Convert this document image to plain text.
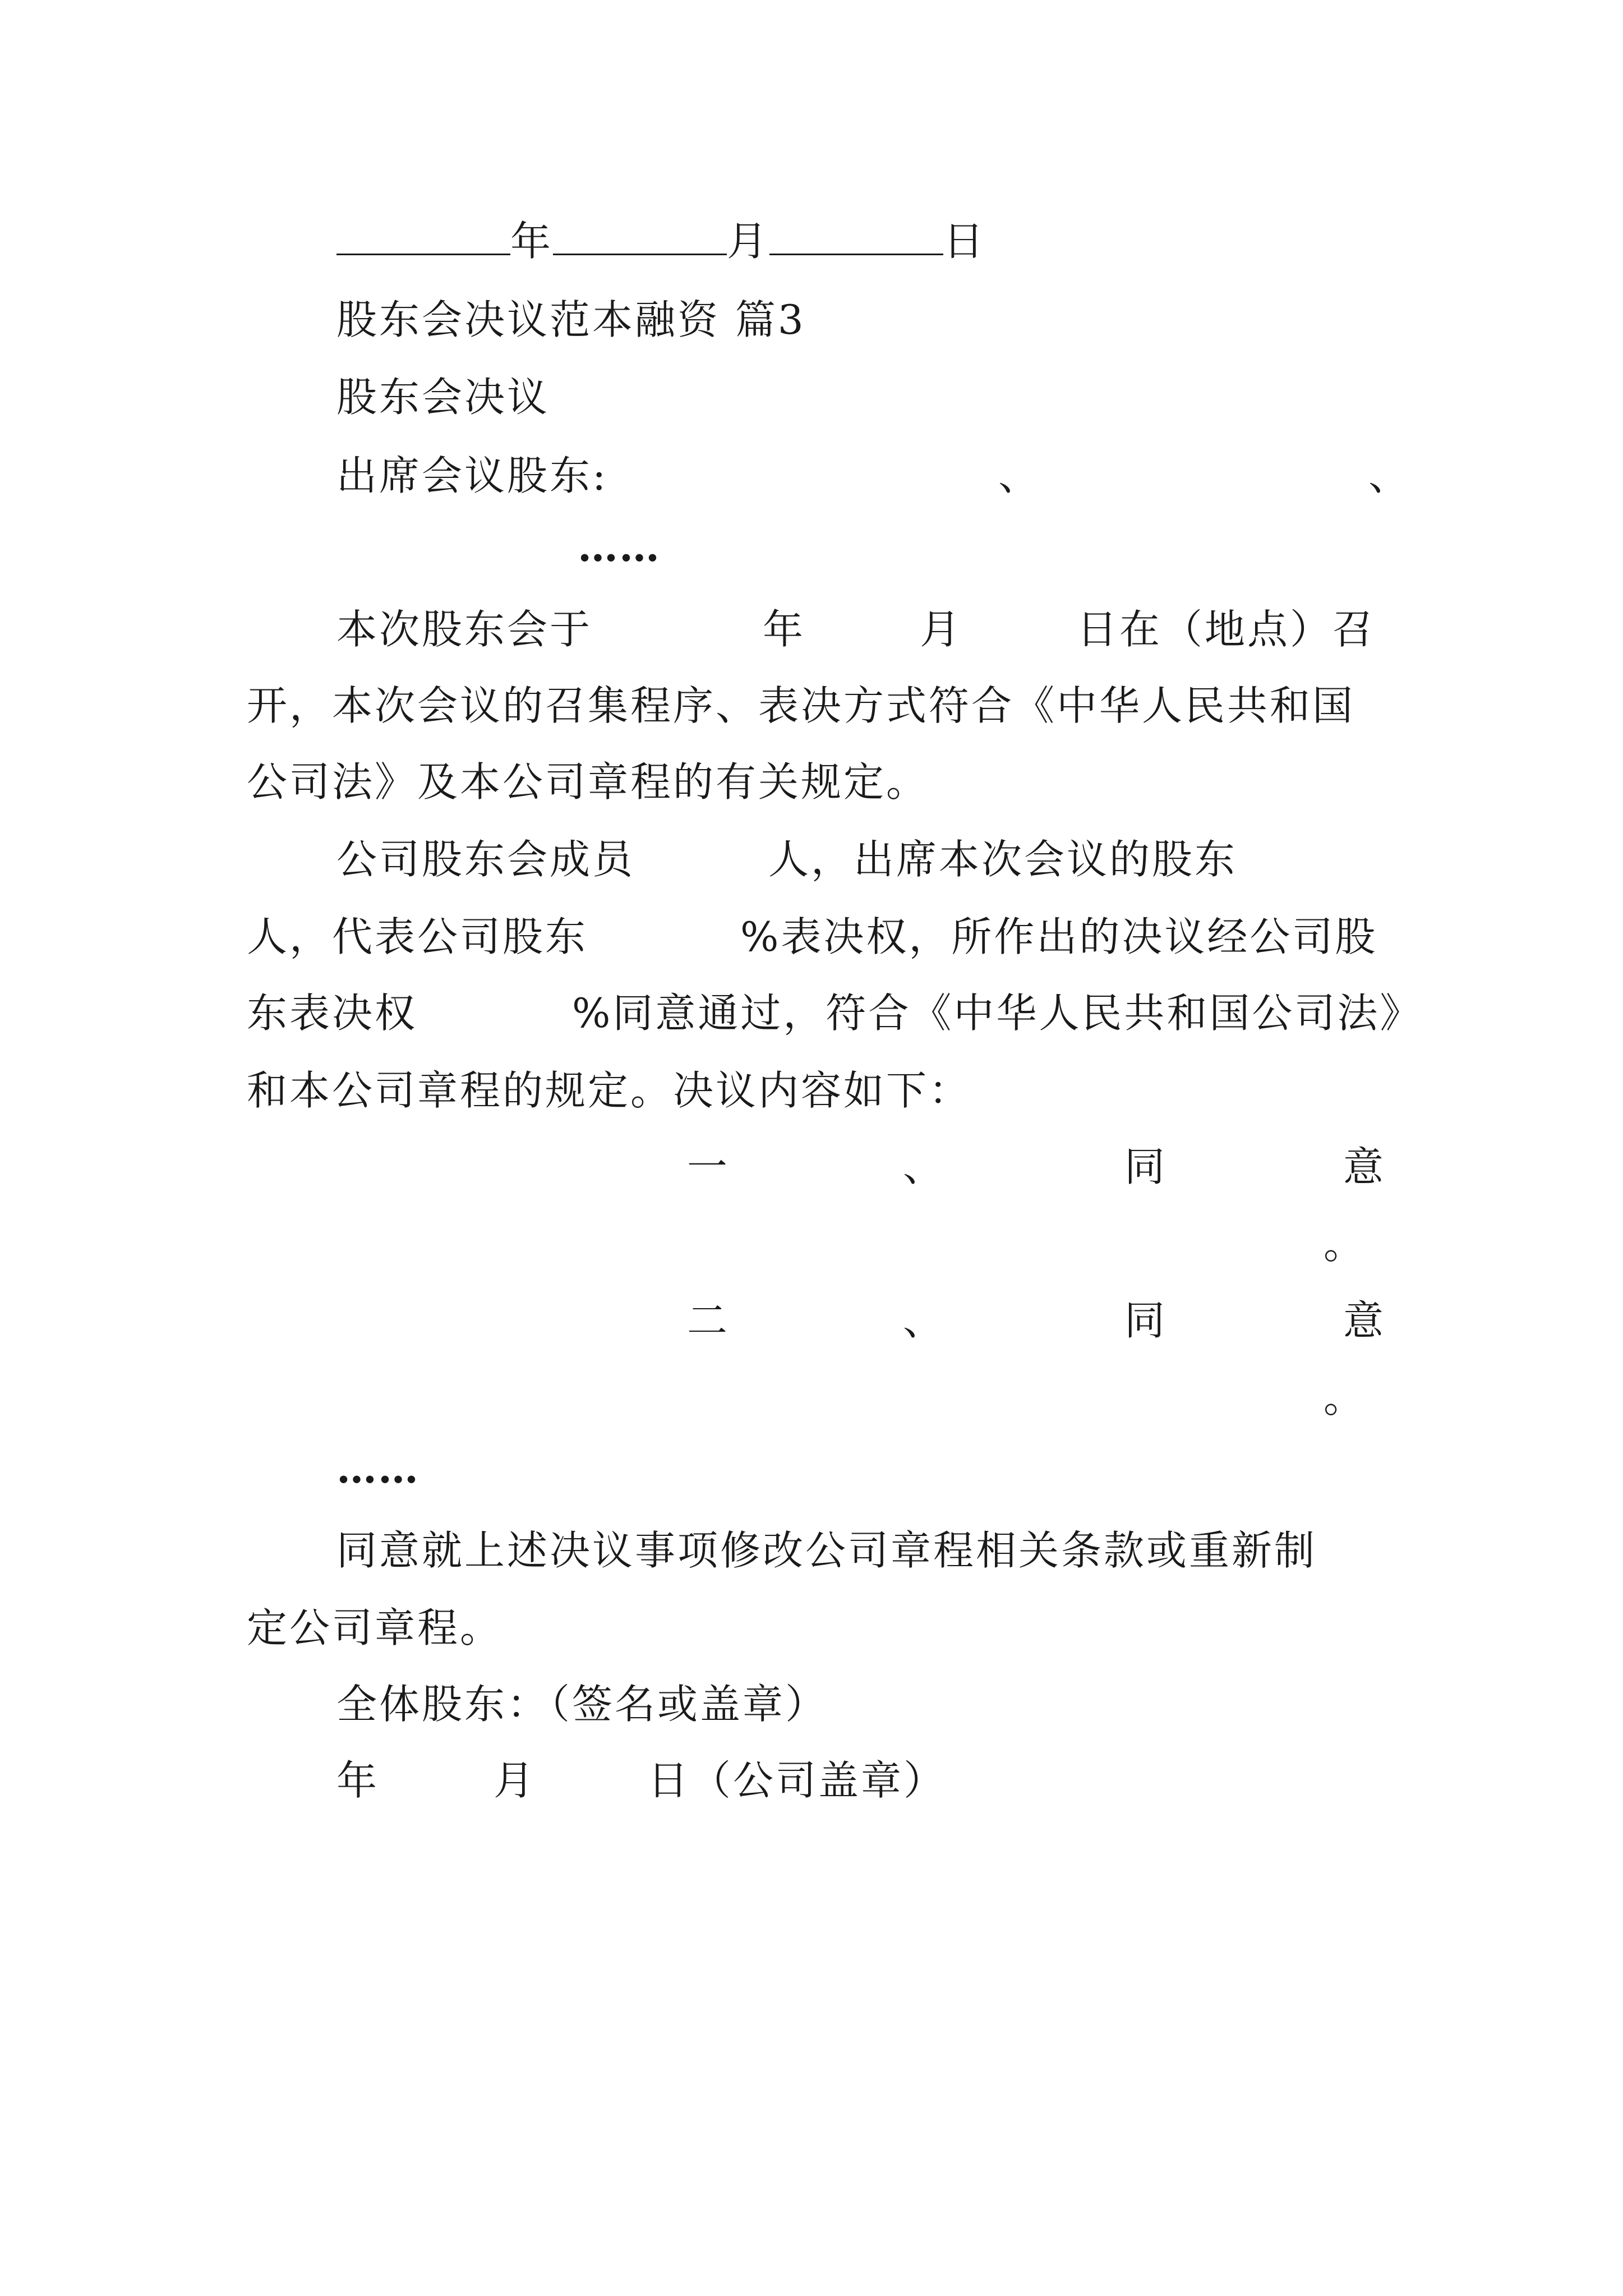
年	月	日
股东会决议范本融资 篇3
股东会决议
出席会议股东:	、	、
……
本次股东会于	年	月	日在（地点）召
开，本次会议的召集程序、表决方式符合《中华人民共和国
公司法》及本公司章程的有关规定。
公司股东会成员	人，出席本次会议的股东
人，代表公司股东	%表决权，所作出的决议经公司股
东表决权	%同意通过，符合《中华人民共和国公司法》
和本公司章程的规定。决议内容如下：
一	、	同	意
。
二	、	同	意
。
……
同意就上述决议事项修改公司章程相关条款或重新制
定公司章程。
全体股东：（签名或盖章）
年	月	日（公司盖章）
